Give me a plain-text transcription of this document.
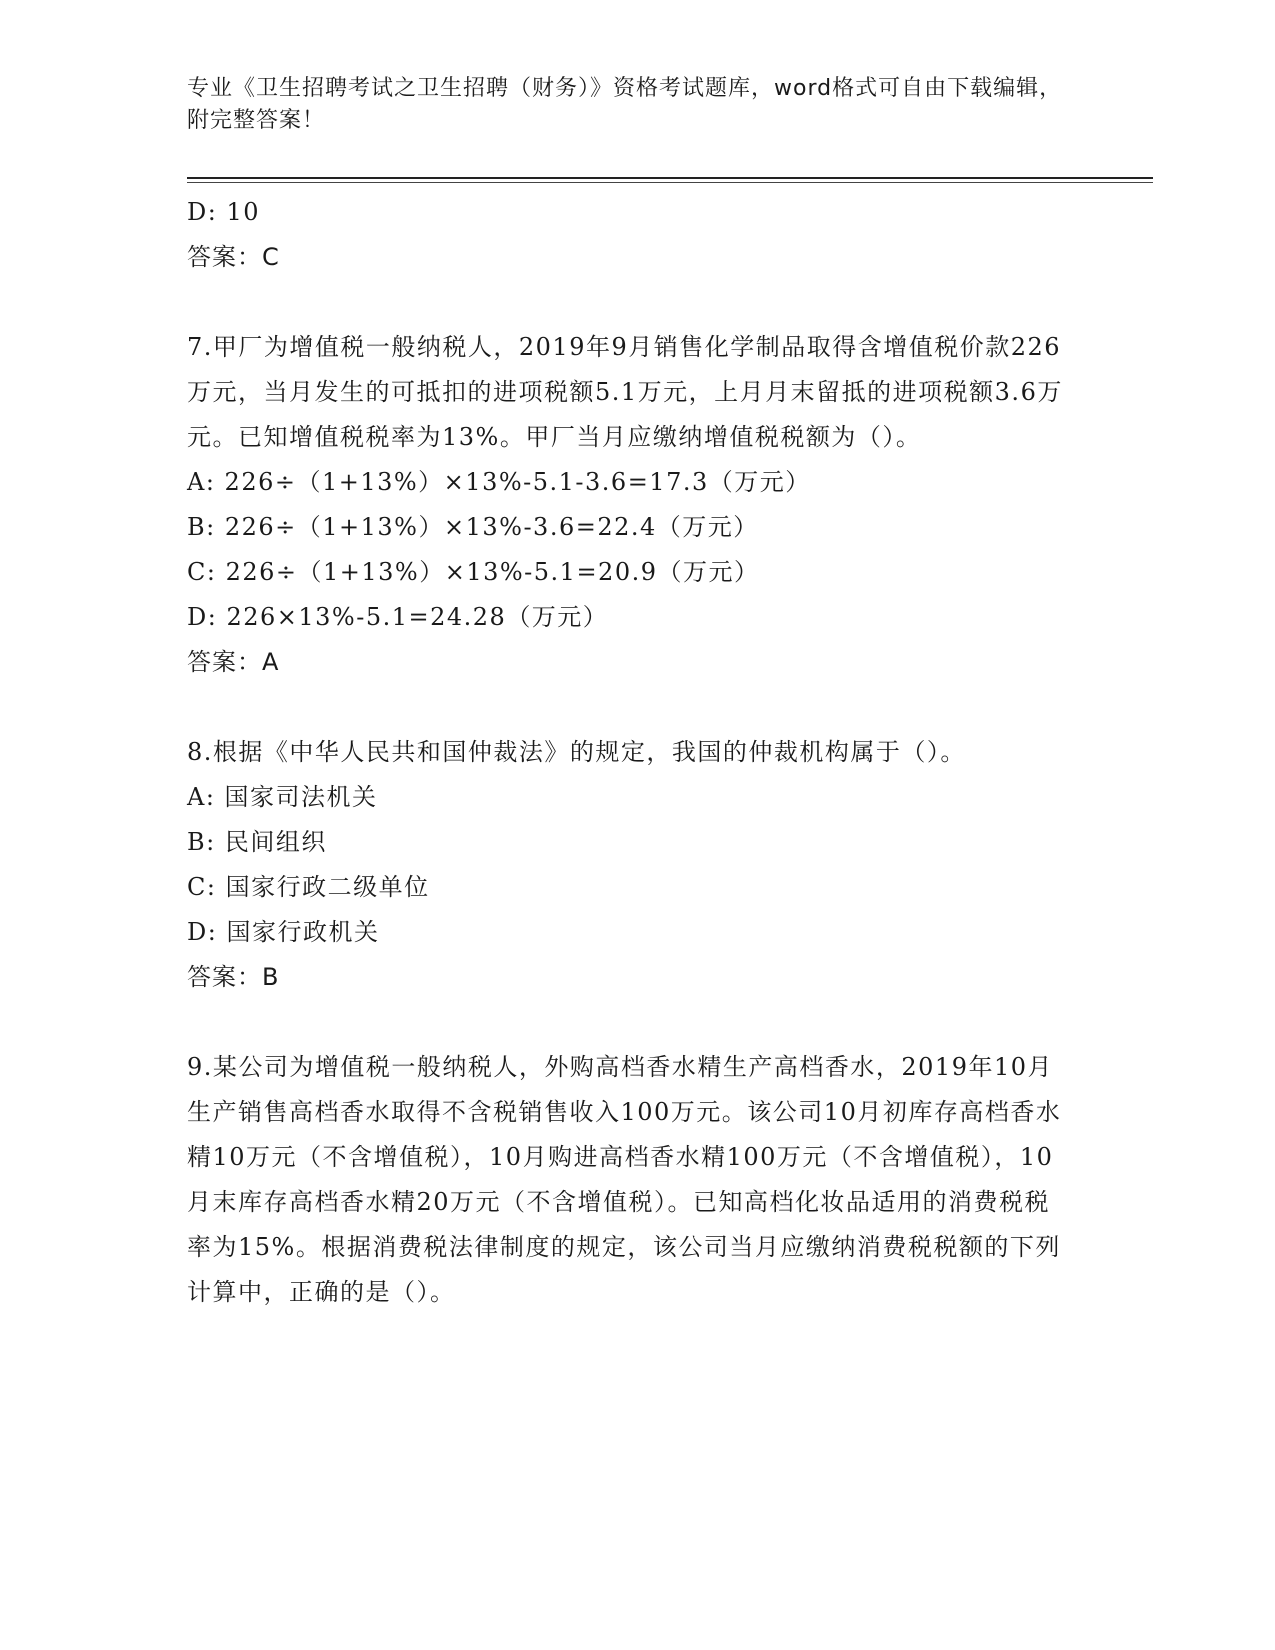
专业《卫生招聘考试之卫生招聘（财务）》资格考试题库，word格式可自由下载编辑，附完整答案！
D: 10
答案：C
7.甲厂为增值税一般纳税人，2019年9月销售化学制品取得含增值税价款226万元，当月发生的可抵扣的进项税额5.1万元，上月月末留抵的进项税额3.6万元。已知增值税税率为13%。甲厂当月应缴纳增值税税额为（）。
A: 226÷（1+13%）×13%-5.1-3.6=17.3（万元）
B: 226÷（1+13%）×13%-3.6=22.4（万元）
C: 226÷（1+13%）×13%-5.1=20.9（万元）
D: 226×13%-5.1=24.28（万元）
答案：A
8.根据《中华人民共和国仲裁法》的规定，我国的仲裁机构属于（）。
A: 国家司法机关
B: 民间组织
C: 国家行政二级单位
D: 国家行政机关
答案：B
9.某公司为增值税一般纳税人，外购高档香水精生产高档香水，2019年10月生产销售高档香水取得不含税销售收入100万元。该公司10月初库存高档香水精10万元（不含增值税），10月购进高档香水精100万元（不含增值税），10月末库存高档香水精20万元（不含增值税）。已知高档化妆品适用的消费税税率为15%。根据消费税法律制度的规定，该公司当月应缴纳消费税税额的下列计算中，正确的是（）。
